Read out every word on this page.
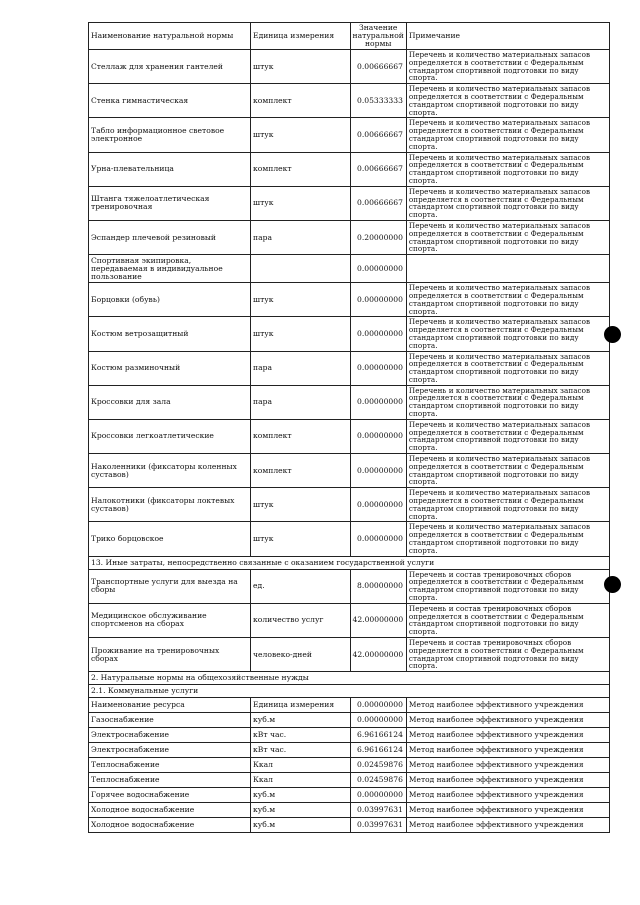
Наименование натуральной нормы	Единица измерения	Значение натуральной нормы	Примечание
Стеллаж для хранения гантелей	штук	0.00666667	Перечень и количество материальных запасов определяется в соответствии с Федеральным стандартом спортивной подготовки по виду спорта.
Стенка гимнастическая	комплект	0.05333333	Перечень и количество материальных запасов определяется в соответствии с Федеральным стандартом спортивной подготовки по виду спорта.
Табло информационное световое электронное	штук	0.00666667	Перечень и количество материальных запасов определяется в соответствии с Федеральным стандартом спортивной подготовки по виду спорта.
Урна-плевательница	комплект	0.00666667	Перечень и количество материальных запасов определяется в соответствии с Федеральным стандартом спортивной подготовки по виду спорта.
Штанга тяжелоатлетическая тренировочная	штук	0.00666667	Перечень и количество материальных запасов определяется в соответствии с Федеральным стандартом спортивной подготовки по виду спорта.
Эспандер плечевой резиновый	пара	0.20000000	Перечень и количество материальных запасов определяется в соответствии с Федеральным стандартом спортивной подготовки по виду спорта.
Спортивная экипировка, передаваемая в индивидуальное пользование		0.00000000	
Борцовки (обувь)	штук	0.00000000	Перечень и количество материальных запасов определяется в соответствии с Федеральным стандартом спортивной подготовки по виду спорта.
Костюм ветрозащитный	штук	0.00000000	Перечень и количество материальных запасов определяется в соответствии с Федеральным стандартом спортивной подготовки по виду спорта.
Костюм разминочный	пара	0.00000000	Перечень и количество материальных запасов определяется в соответствии с Федеральным стандартом спортивной подготовки по виду спорта.
Кроссовки для зала	пара	0.00000000	Перечень и количество материальных запасов определяется в соответствии с Федеральным стандартом спортивной подготовки по виду спорта.
Кроссовки легкоатлетические	комплект	0.00000000	Перечень и количество материальных запасов определяется в соответствии с Федеральным стандартом спортивной подготовки по виду спорта.
Наколенники (фиксаторы коленных суставов)	комплект	0.00000000	Перечень и количество материальных запасов определяется в соответствии с Федеральным стандартом спортивной подготовки по виду спорта.
Налокотники (фиксаторы локтевых суставов)	штук	0.00000000	Перечень и количество материальных запасов определяется в соответствии с Федеральным стандартом спортивной подготовки по виду спорта.
Трико борцовское	штук	0.00000000	Перечень и количество материальных запасов определяется в соответствии с Федеральным стандартом спортивной подготовки по виду спорта.
13. Иные затраты, непосредственно связанные с оказанием государственной услуги			
Транспортные услуги для выезда на сборы	ед.	8.00000000	Перечень и состав тренировочных сборов определяется в соответствии с Федеральным стандартом спортивной подготовки по виду спорта.
Медицинское обслуживание спортсменов на сборах	количество услуг	42.00000000	Перечень и состав тренировочных сборов определяется в соответствии с Федеральным стандартом спортивной подготовки по виду спорта.
Проживание на тренировочных сборах	человеко-дней	42.00000000	Перечень и состав тренировочных сборов определяется в соответствии с Федеральным стандартом спортивной подготовки по виду спорта.
2. Натуральные нормы на общехозяйственные нужды			
2.1. Коммунальные услуги			
Наименование ресурса	Единица измерения	0.00000000	Метод наиболее эффективного учреждения
Газоснабжение	куб.м	0.00000000	Метод наиболее эффективного учреждения
Электроснабжение	кВт час.	6.96166124	Метод наиболее эффективного учреждения
Электроснабжение	кВт час.	6.96166124	Метод наиболее эффективного учреждения
Теплоснабжение	Ккал	0.02459876	Метод наиболее эффективного учреждения
Теплоснабжение	Ккал	0.02459876	Метод наиболее эффективного учреждения
Горячее водоснабжение	куб.м	0.00000000	Метод наиболее эффективного учреждения
Холодное водоснабжение	куб.м	0.03997631	Метод наиболее эффективного учреждения
Холодное водоснабжение	куб.м	0.03997631	Метод наиболее эффективного учреждения
